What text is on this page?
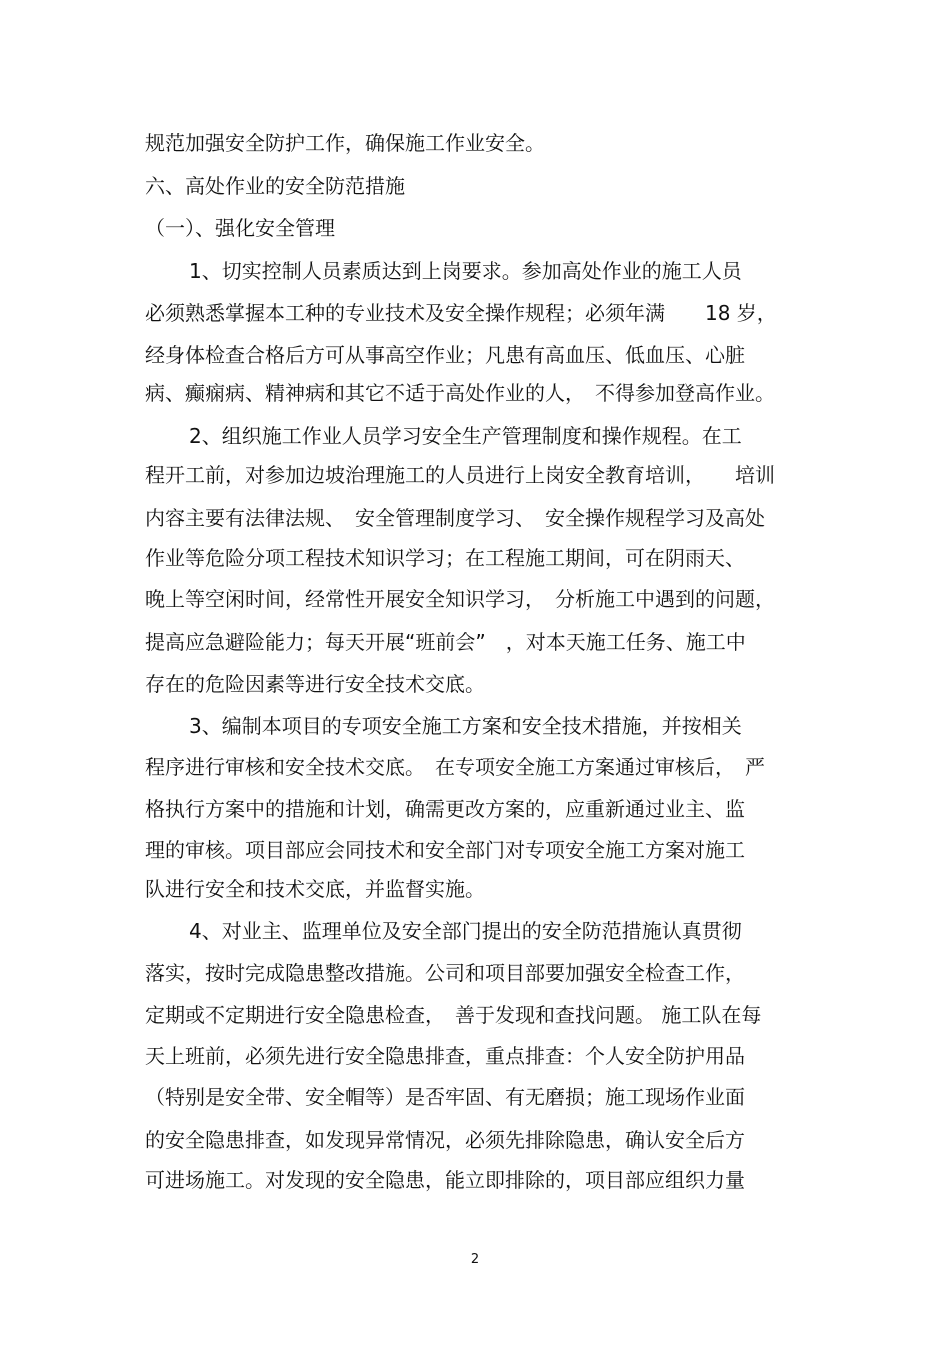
规范加强安全防护工作，确保施工作业安全。
六、高处作业的安全防范措施
（一）、强化安全管理
1、切实控制人员素质达到上岗要求。参加高处作业的施工人员
必须熟悉掌握本工种的专业技术及安全操作规程；必须年满　　18 岁，
经身体检查合格后方可从事高空作业；凡患有高血压、低血压、心脏
病、癫痫病、精神病和其它不适于高处作业的人，　不得参加登高作业。
2、组织施工作业人员学习安全生产管理制度和操作规程。在工
程开工前，对参加边坡治理施工的人员进行上岗安全教育培训，　　培训
内容主要有法律法规、　安全管理制度学习、　安全操作规程学习及高处
作业等危险分项工程技术知识学习；在工程施工期间，可在阴雨天、
晚上等空闲时间，经常性开展安全知识学习，　分析施工中遇到的问题，
提高应急避险能力；每天开展“班前会”　，对本天施工任务、施工中
存在的危险因素等进行安全技术交底。
3、编制本项目的专项安全施工方案和安全技术措施，并按相关
程序进行审核和安全技术交底。　在专项安全施工方案通过审核后，　严
格执行方案中的措施和计划，确需更改方案的，应重新通过业主、监
理的审核。项目部应会同技术和安全部门对专项安全施工方案对施工
队进行安全和技术交底，并监督实施。
4、对业主、监理单位及安全部门提出的安全防范措施认真贯彻
落实，按时完成隐患整改措施。公司和项目部要加强安全检查工作，
定期或不定期进行安全隐患检查，　善于发现和查找问题。 施工队在每
天上班前，必须先进行安全隐患排查，重点排查：个人安全防护用品
（特别是安全带、安全帽等）是否牢固、有无磨损；施工现场作业面
的安全隐患排查，如发现异常情况，必须先排除隐患，确认安全后方
可进场施工。对发现的安全隐患，能立即排除的，项目部应组织力量
2
